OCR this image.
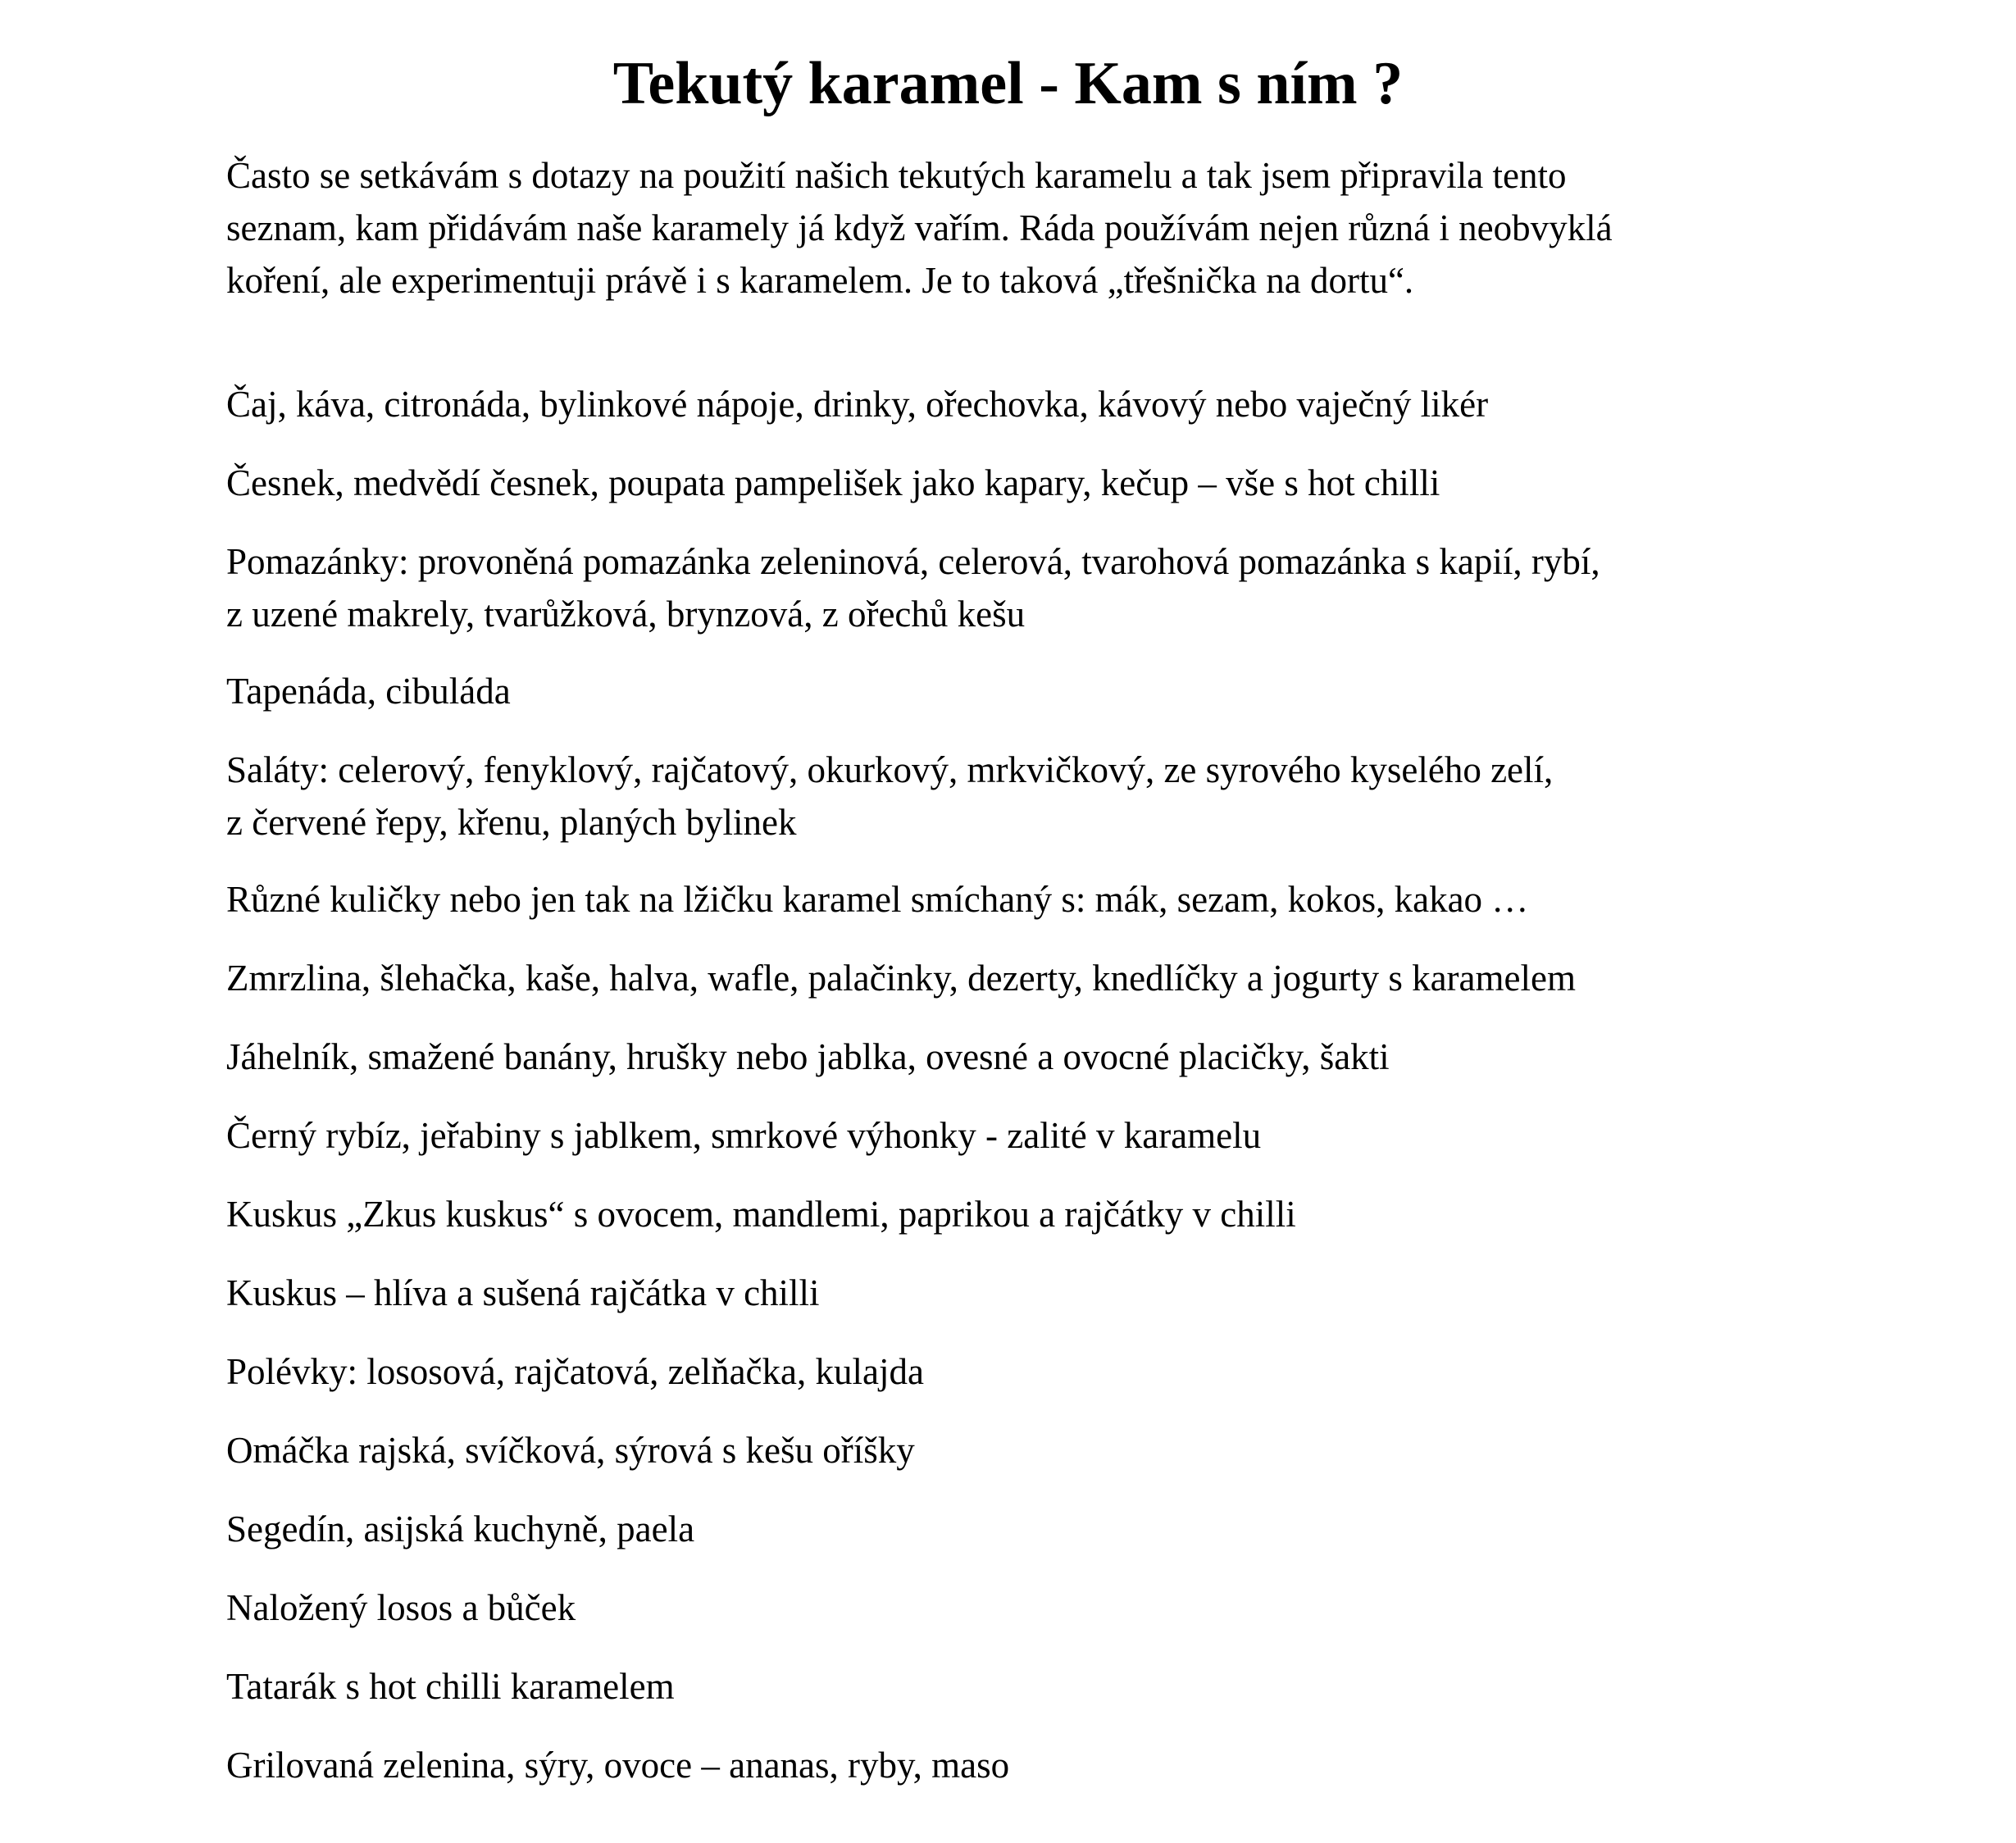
Tekutý karamel - Kam s ním ?

Často se setkávám s dotazy na použití našich tekutých karamelu a tak jsem připravila tento
seznam, kam přidávám naše karamely já když vařím. Ráda používám nejen různá i neobvyklá
koření, ale experimentuji právě i s karamelem. Je to taková „třešnička na dortu“.

Čaj, káva, citronáda, bylinkové nápoje, drinky, ořechovka, kávový nebo vaječný likér
Česnek, medvědí česnek, poupata pampelišek jako kapary, kečup – vše s hot chilli
Pomazánky: provoněná pomazánka zeleninová, celerová, tvarohová pomazánka s kapií, rybí,
z uzené makrely, tvarůžková, brynzová, z ořechů kešu
Tapenáda, cibuláda
Saláty: celerový, fenyklový, rajčatový, okurkový, mrkvičkový, ze syrového kyselého zelí,
z červené řepy, křenu, planých bylinek
Různé kuličky nebo jen tak na lžičku karamel smíchaný s: mák, sezam, kokos, kakao …
Zmrzlina, šlehačka, kaše, halva, wafle, palačinky, dezerty, knedlíčky a jogurty s karamelem
Jáhelník, smažené banány, hrušky nebo jablka, ovesné a ovocné placičky, šakti
Černý rybíz, jeřabiny s jablkem, smrkové výhonky - zalité v karamelu
Kuskus „Zkus kuskus“ s ovocem, mandlemi, paprikou a rajčátky v chilli
Kuskus – hlíva a sušená rajčátka v chilli
Polévky: lososová, rajčatová, zelňačka, kulajda
Omáčka rajská, svíčková, sýrová s kešu oříšky
Segedín, asijská kuchyně, paela
Naložený losos a bůček
Tatarák s hot chilli karamelem
Grilovaná zelenina, sýry, ovoce – ananas, ryby, maso
